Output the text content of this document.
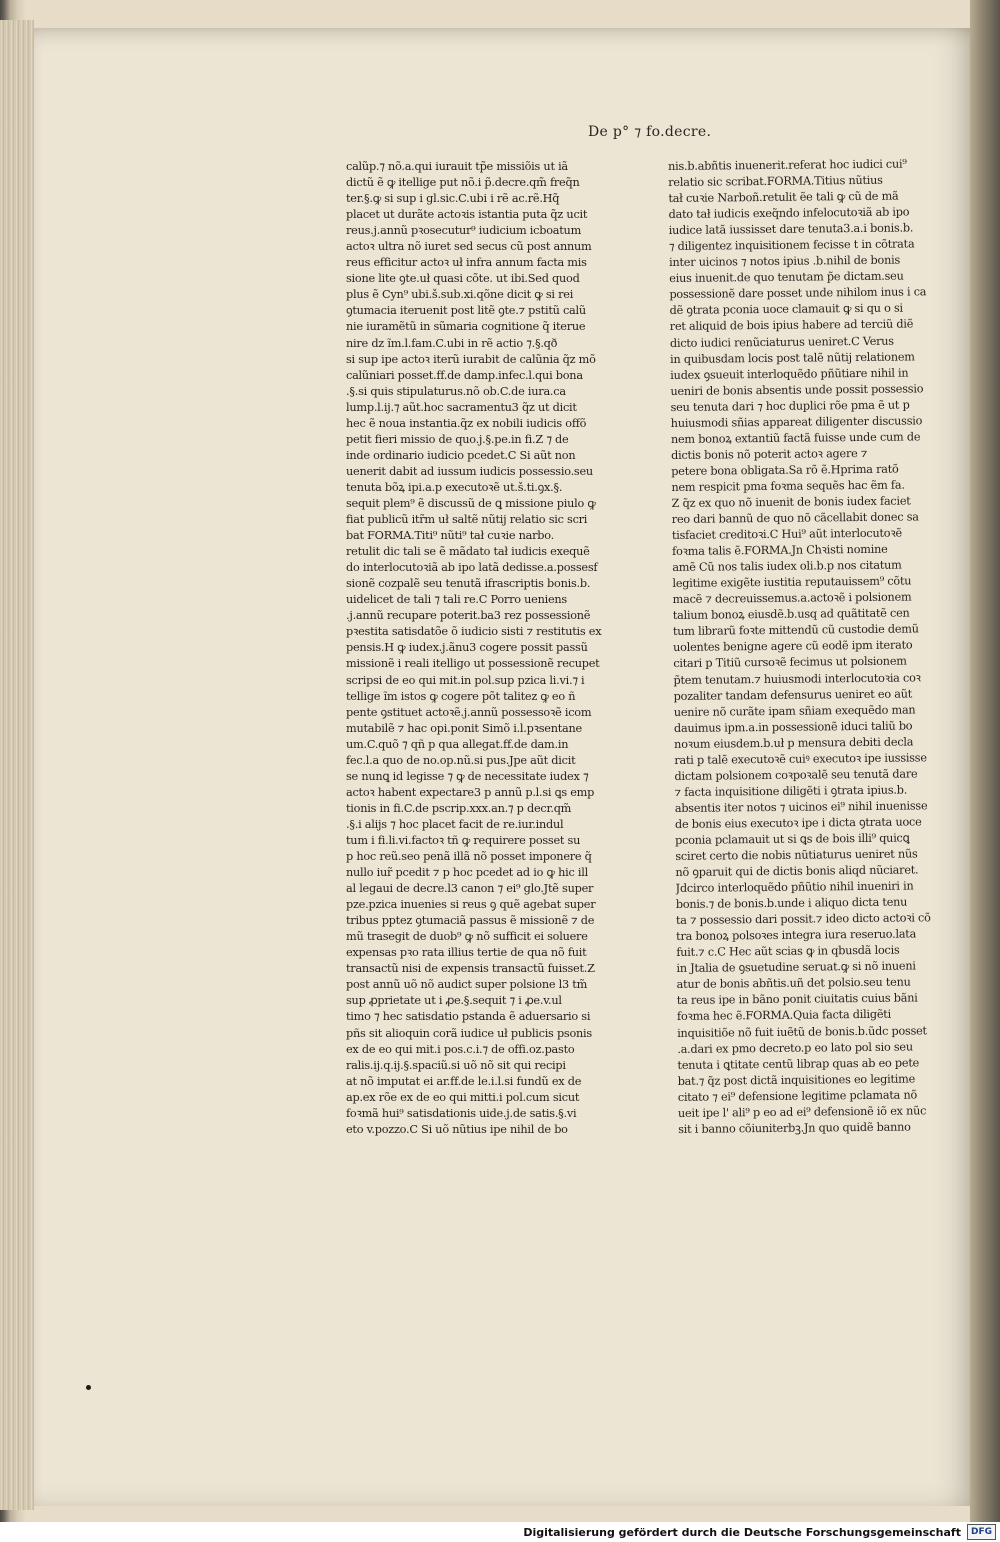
De p° ⁊ fo.decre.
calũp.⁊ nõ.a.qui iurauit tp̃e missiõis ut iã
dictũ ẽ ꝙ itellige put nõ.i p̃.decre.qm̃ freq̃n
ter.§.ꝙ si sup i gl.sic.C.ubi i rẽ ac.rẽ.Hq̃
placet ut durãte actoꝛis istantia puta q̃z ucit
reus.j.annũ pꝛosecutur⁹ iudicium icboatum
actoꝛ ultra nõ iuret sed secus cũ post annum
reus efficitur actoꝛ uł infra annum facta mis
sione lite ꝯte.uł quasi cõte. ut ibi.Sed quod
plus ẽ Cyn⁹ ubi.š.sub.xi.qõne dicit ꝙ si rei
ꝯtumacia iteruenit post litẽ ꝯte.⁊ pstitũ calũ
nie iuramẽtũ in sũmaria cognitione q̃ iterue
nire dz ĩm.l.fam.C.ubi in rẽ actio ⁊.§.qð
si sup ipe actoꝛ iterũ iurabit de calũnia q̃z mõ
calũniari posset.ff.de damp.infec.l.qui bona
.§.si quis stipulaturus.nõ ob.C.de iura.ca
lump.l.ij.⁊ aũt.hoc sacramentu3 q̃z ut dicit
hec ẽ noua instantia.q̃z ex nobili iudicis offõ
petit fieri missio de quo.j.§.pe.in fi.Z ⁊ de
inde ordinario iudicio pcedet.C Si aũt non
uenerit dabit ad iussum iudicis possessio.seu
tenuta bõꝝ ipi.a.p executoꝛẽ ut.š.ti.ꝯx.§.
sequit plem⁹ ẽ discussũ de ꝗ missione piulo ꝙ
fiat publicũ itr̃m uł saltẽ nũtij relatio sic scri
bat FORMA.Titi⁹ nũti⁹ tał cuꝛie narbo.
retulit dic tali se ẽ mãdato tał iudicis exequẽ
do interlocutoꝛiã ab ipo latã dedisse.a.possesf
sionẽ cozpalẽ seu tenutã ifrascriptis bonis.b.
uidelicet de tali ⁊ tali re.C Porro ueniens
.j.annũ recupare poterit.ba3 rez possessionẽ
pꝛestita satisdatõe õ iudicio sisti ⁊ restitutis ex
pensis.H ꝙ iudex.j.ãnu3 cogere possit passũ
missionẽ i reali itelligo ut possessionẽ recupet
scripsi de eo qui mit.in pol.sup pzica li.vi.⁊ i
tellige ĩm istos ꝙ cogere põt talitez ꝙ eo ñ
pente ꝯstituet actoꝛẽ.j.annũ possessoꝛẽ icom
mutabilẽ ⁊ hac opi.ponit Simõ i.l.pꝛsentane
um.C.quõ ⁊ qñ p qua allegat.ff.de dam.in
fec.l.a quo de no.op.nũ.si pus.Jpe aũt dicit
se nunꝗ id legisse ⁊ ꝙ de necessitate iudex ⁊
actoꝛ habent expectare3 p annũ p.l.si ꝗs emp
tionis in fi.C.de pscrip.xxx.an.⁊ p decr.qm̃
.§.i alijs ⁊ hoc placet facit de re.iur.indul
tum i fi.li.vi.factoꝛ tñ ꝙ requirere posset su
p hoc reũ.seo penã illã nõ posset imponere q̃
nullo iur̃ pcedit ⁊ p hoc pcedet ad io ꝙ hic ill
al legaui de decre.l3 canon ⁊ ei⁹ glo.Jtẽ super
pze.pzica inuenies si reus ꝯ quẽ agebat super
tribus pptez ꝯtumaciã passus ẽ missionẽ ⁊ de
mũ trasegit de duob⁹ ꝙ nõ sufficit ei soluere
expensas pꝛo rata illius tertie de qua nõ fuit
transactũ nisi de expensis transactũ fuisset.Z
post annũ uõ nõ audict super polsione l3 tm̃
sup ꝓprietate ut i ꝓe.§.sequit ⁊ i ꝓe.v.ul
timo ⁊ hec satisdatio pstanda ẽ aduersario si
pñs sit alioquin corã iudice uł publicis psonis
ex de eo qui mit.i pos.c.i.⁊ de offi.oz.pasto
ralis.ij.q.ij.§.spaciũ.si uõ nõ sit qui recipi
at nõ imputat ei ar.ff.de le.i.l.si fundũ ex de
ap.ex rõe ex de eo qui mitti.i pol.cum sicut
foꝛmã hui⁹ satisdationis uide.j.de satis.§.vi
eto v.pozzo.C Si uõ nũtius ipe nihil de bo
nis.b.abñtis inuenerit.referat hoc iudici cui⁹
relatio sic scribat.FORMA.Titius nũtius
tał cuꝛie Narboñ.retulit ẽe tali ꝙ cũ de mã
dato tał iudicis exeq̃ndo infelocutoꝛiã ab ipo
iudice latã iussisset dare tenuta3.a.i bonis.b.
⁊ diligentez inquisitionem fecisse t in cõtrata
inter uicinos ⁊ notos ipius .b.nihil de bonis
eius inuenit.de quo tenutam p̃e dictam.seu
possessionẽ dare posset unde nihilom inus i ca
dẽ ꝯtrata pconia uoce clamauit ꝙ si qu o si
ret aliquid de bois ipius habere ad terciũ diẽ
dicto iudici renũciaturus ueniret.C Verus
in quibusdam locis post talẽ nũtij relationem
iudex ꝯsueuit interloquẽdo pñũtiare nihil in
ueniri de bonis absentis unde possit possessio
seu tenuta dari ⁊ hoc duplici rõe pma ẽ ut p
huiusmodi sñias appareat diligenter discussio
nem bonoꝝ extantiũ factã fuisse unde cum de
dictis bonis nõ poterit actoꝛ agere ⁊
petere bona obligata.Sa rõ ẽ.Hprima ratõ
nem respicit pma foꝛma sequẽs hac ẽm fa.
Z q̃z ex quo nõ inuenit de bonis iudex faciet
reo dari bannũ de quo nõ cãcellabit donec sa
tisfaciet creditoꝛi.C Hui⁹ aũt interlocutoꝛẽ
foꝛma talis ẽ.FORMA.Jn Chꝛisti nomine
amẽ Cũ nos talis iudex oli.b.p nos citatum
legitime exigẽte iustitia reputauissem⁹ cõtu
macẽ ⁊ decreuissemus.a.actoꝛẽ i polsionem
talium bonoꝝ eiusdẽ.b.usq ad quãtitatẽ cen
tum librarũ foꝛte mittendũ cũ custodie demũ
uolentes benigne agere cũ eodẽ ipm iterato
citari p Titiũ cursoꝛẽ fecimus ut polsionem
p̃tem tenutam.⁊ huiusmodi interlocutoꝛia coꝛ
pozaliter tandam defensurus ueniret eo aũt
uenire nõ curãte ipam sñiam exequẽdo man
dauimus ipm.a.in possessionẽ iduci taliũ bo
noꝛum eiusdem.b.uł p mensura debiti decla
rati p talẽ executoꝛẽ cuiꝰ executoꝛ ipe iussisse
dictam polsionem coꝛpoꝛalẽ seu tenutã dare
⁊ facta inquisitione diligẽti i ꝯtrata ipius.b.
absentis iter notos ⁊ uicinos ei⁹ nihil inuenisse
de bonis eius executoꝛ ipe i dicta ꝯtrata uoce
pconia pclamauit ut si ꝗs de bois illi⁹ quicꝗ
sciret certo die nobis nũtiaturus ueniret nũs
nõ ꝯparuit qui de dictis bonis aliqd nũciaret.
Jdcirco interloquẽdo pñũtio nihil inueniri in
bonis.⁊ de bonis.b.unde i aliquo dicta tenu
ta ⁊ possessio dari possit.⁊ ideo dicto actoꝛi cõ
tra bonoꝝ polsoꝛes integra iura reseruo.lata
fuit.⁊ c.C Hec aũt scias ꝙ in qbusdã locis
in Jtalia de ꝯsuetudine seruat.ꝙ si nõ inueni
atur de bonis abñtis.uñ det polsio.seu tenu
ta reus ipe in bãno ponit ciuitatis cuius bãni
foꝛma hec ẽ.FORMA.Quia facta diligẽti
inquisitiõe nõ fuit iuẽtũ de bonis.b.ũdc posset
.a.dari ex pmo decreto.p eo lato pol sio seu
tenuta i ꝗtitate centũ librap quas ab eo pete
bat.⁊ q̃z post dictã inquisitiones eo legitime
citato ⁊ ei⁹ defensione legitime pclamata nõ
ueit ipe l' ali⁹ p eo ad ei⁹ defensionẽ iõ ex nũc
sit i banno cõiuniterbꝫ.Jn quo quidẽ banno
Digitalisierung gefördert durch die Deutsche Forschungsgemeinschaft DFG
